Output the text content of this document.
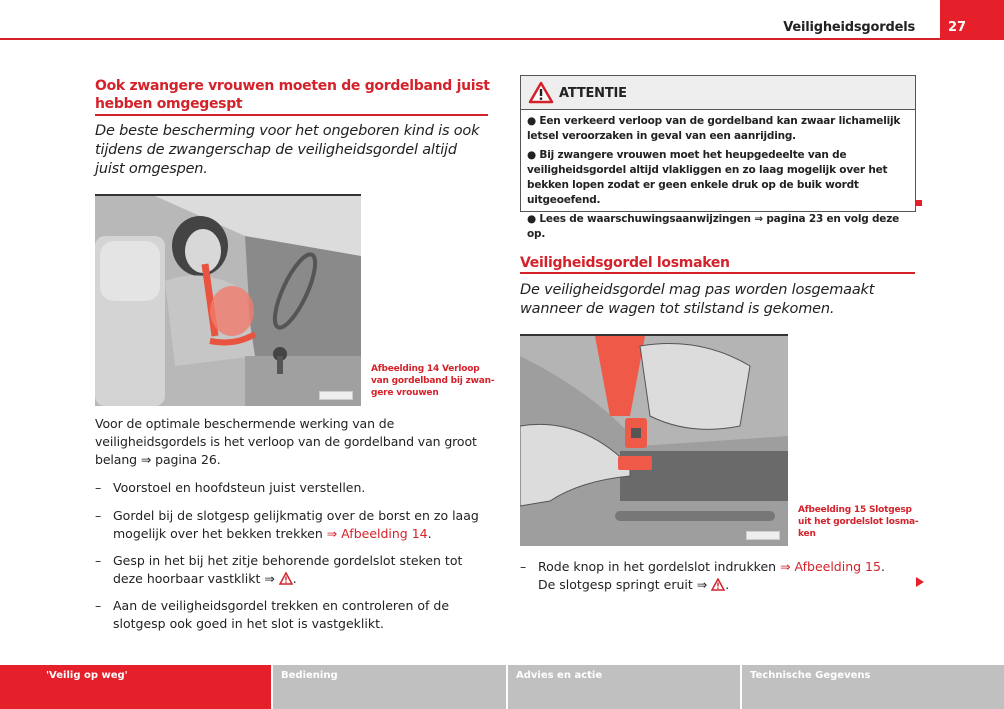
Veiligheidsgordels	27
Ook zwangere vrouwen moeten de gordelband juist hebben omgegespt
De beste bescherming voor het ongeboren kind is ook tijdens de zwangerschap de veiligheidsgordel altijd juist omgespen.
Afbeelding 14 Verloop
van gordelband bij zwan-
gere vrouwen
Voor de optimale beschermende werking van de veiligheidsgordels is het verloop van de gordelband van groot belang ⇒ pagina 26.
– Voorstoel en hoofdsteun juist verstellen.
– Gordel bij de slotgesp gelijkmatig over de borst en zo laag mogelijk over het bekken trekken ⇒ Afbeelding 14.
– Gesp in het bij het zitje behorende gordelslot steken tot deze hoorbaar vastklikt ⇒ .
– Aan de veiligheidsgordel trekken en controleren of de slotgesp ook goed in het slot is vastgeklikt.
ATTENTIE

● Een verkeerd verloop van de gordelband kan zwaar lichamelijk letsel veroorzaken in geval van een aanrijding.

● Bij zwangere vrouwen moet het heupgedeelte van de veiligheidsgordel altijd vlakliggen en zo laag mogelijk over het bekken lopen zodat er geen enkele druk op de buik wordt uitgeoefend.

● Lees de waarschuwingsaanwijzingen ⇒ pagina 23 en volg deze op.

Veiligheidsgordel losmaken
De veiligheidsgordel mag pas worden losgemaakt wanneer de wagen tot stilstand is gekomen.
Afbeelding 15 Slotgesp
uit het gordelslot losma-
ken
– Rode knop in het gordelslot indrukken ⇒ Afbeelding 15. De slotgesp springt eruit ⇒ .
'Veilig op weg'	Bediening	Advies en actie	Technische Gegevens
